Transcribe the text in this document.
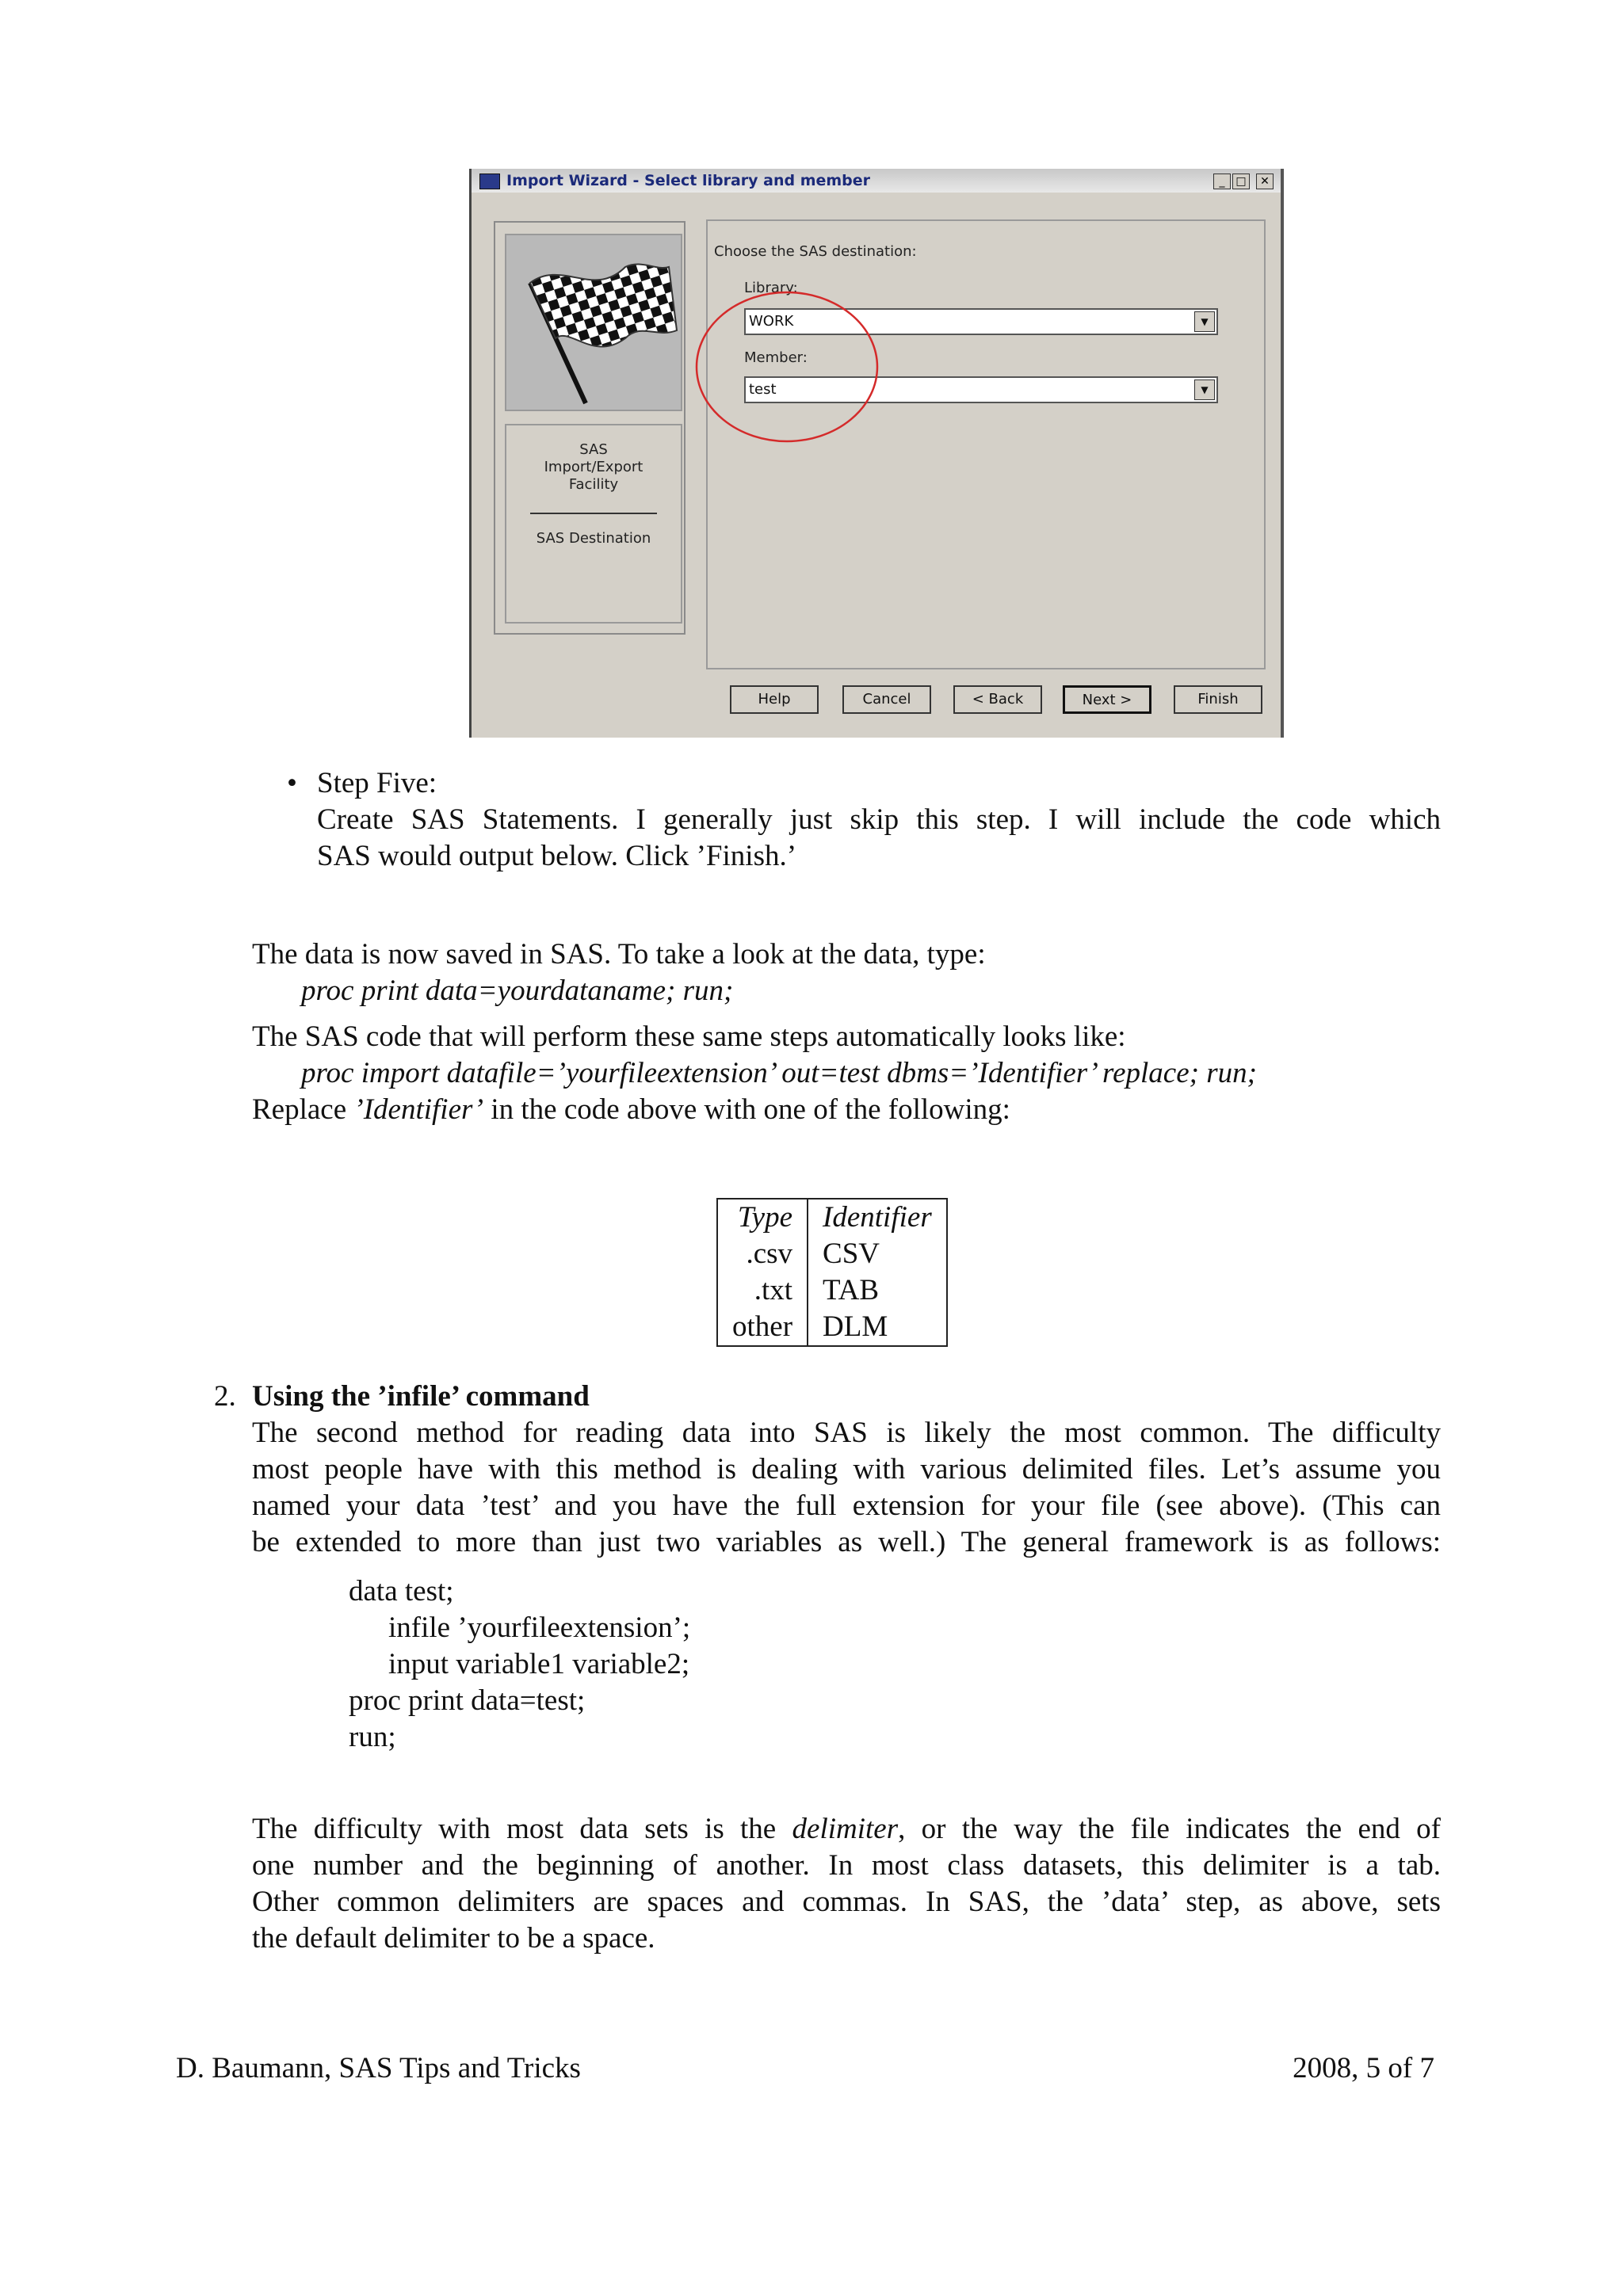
Import Wizard - Select library and member	_ □	✕
SAS
Import/Export
Facility
SAS Destination
Choose the SAS destination:
Library:
WORK	▼
Member:
test	▼
Help	Cancel	< Back	Next >	Finish
• Step Five:
Create SAS Statements. I generally just skip this step. I will include the code which
SAS would output below. Click ’Finish.’
The data is now saved in SAS. To take a look at the data, type:
proc print data=yourdataname; run;
The SAS code that will perform these same steps automatically looks like:
proc import datafile=’yourfileextension’ out=test dbms=’Identifier’ replace; run;
Replace ’Identifier’ in the code above with one of the following:
Type	Identifier
.csv	CSV
.txt	TAB
other	DLM
2. Using the ’infile’ command
The second method for reading data into SAS is likely the most common. The difficulty
most people have with this method is dealing with various delimited files. Let’s assume you
named your data ’test’ and you have the full extension for your file (see above). (This can
be extended to more than just two variables as well.) The general framework is as follows:
data test;
infile ’yourfileextension’;
input variable1 variable2;
proc print data=test;
run;
The difficulty with most data sets is the delimiter, or the way the file indicates the end of
one number and the beginning of another. In most class datasets, this delimiter is a tab.
Other common delimiters are spaces and commas. In SAS, the ’data’ step, as above, sets
the default delimiter to be a space.
D. Baumann, SAS Tips and Tricks	2008, 5 of 7
